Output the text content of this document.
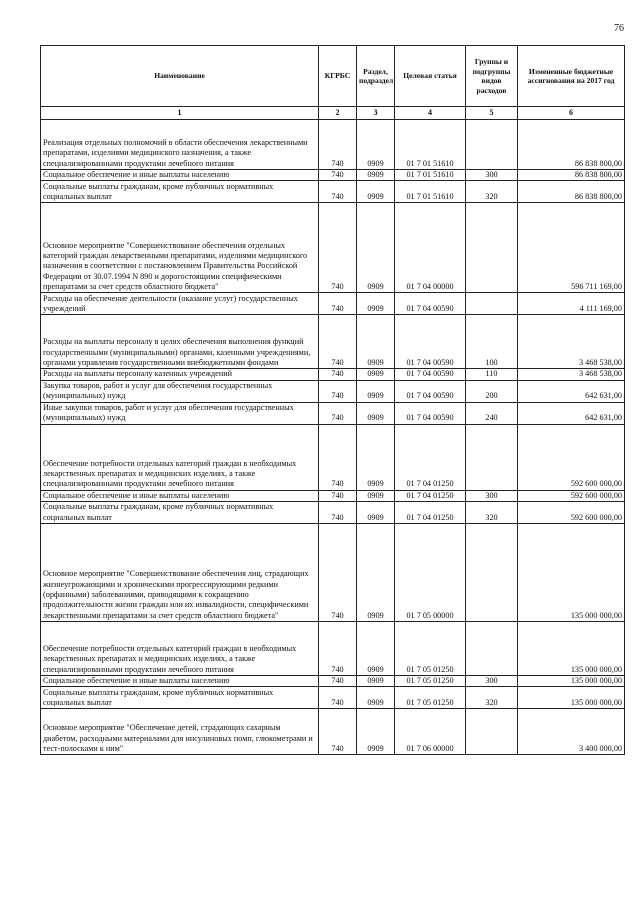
76
Наименование	КГРБС	Раздел, подраздел	Целевая статья	Группы и подгруппы видов расходов	Измененные бюджетные ассигнования на 2017 год
1	2	3	4	5	6
Реализация отдельных полномочий в области обеспечения лекарственными препаратами, изделиями медицинского назначения, а также специализированными продуктами лечебного питания	740	0909	01 7 01 51610		86 838 800,00
Социальное обеспечение и иные выплаты населению	740	0909	01 7 01 51610	300	86 838 800,00
Социальные выплаты гражданам, кроме публичных нормативных социальных выплат	740	0909	01 7 01 51610	320	86 838 800,00
Основное мероприятие "Совершенствование обеспечения отдельных категорий граждан лекарственными препаратами, изделиями медицинского назначения в соответствии с постановлением Правительства Российской Федерации от 30.07.1994 N 890 и дорогостоящими специфическими препаратами за счет средств областного бюджета"	740	0909	01 7 04 00000		596 711 169,00
Расходы на обеспечение деятельности (оказание услуг) государственных учреждений	740	0909	01 7 04 00590		4 111 169,00
Расходы на выплаты персоналу в целях обеспечения выполнения функций государственными (муниципальными) органами, казенными учреждениями, органами управления государственными внебюджетными фондами	740	0909	01 7 04 00590	100	3 468 538,00
Расходы на выплаты персоналу казенных учреждений	740	0909	01 7 04 00590	110	3 468 538,00
Закупка товаров, работ и услуг для обеспечения государственных (муниципальных) нужд	740	0909	01 7 04 00590	200	642 631,00
Иные закупки товаров, работ и услуг для обеспечения государственных (муниципальных) нужд	740	0909	01 7 04 00590	240	642 631,00
Обеспечение потребности отдельных категорий граждан в необходимых лекарственных препаратах и медицинских изделиях, а также специализированными продуктами лечебного питания	740	0909	01 7 04 01250		592 600 000,00
Социальное обеспечение и иные выплаты населению	740	0909	01 7 04 01250	300	592 600 000,00
Социальные выплаты гражданам, кроме публичных нормативных социальных выплат	740	0909	01 7 04 01250	320	592 600 000,00
Основное мероприятие "Совершенствование обеспечения лиц, страдающих жизнеугрожающими и хроническими прогрессирующими редкими (орфанными) заболеваниями, приводящими к сокращению продолжительности жизни граждан или их инвалидности, специфическими лекарственными препаратами за счет средств областного бюджета"	740	0909	01 7 05 00000		135 000 000,00
Обеспечение потребности отдельных категорий граждан в необходимых лекарственных препаратах и медицинских изделиях, а также специализированными продуктами лечебного питания	740	0909	01 7 05 01250		135 000 000,00
Социальное обеспечение и иные выплаты населению	740	0909	01 7 05 01250	300	135 000 000,00
Социальные выплаты гражданам, кроме публичных нормативных социальных выплат	740	0909	01 7 05 01250	320	135 000 000,00
Основное мероприятие "Обеспечение детей, страдающих сахарным диабетом, расходными материалами для инсулиновых помп, глюкометрами и тест-полосками к ним"	740	0909	01 7 06 00000		3 400 000,00
